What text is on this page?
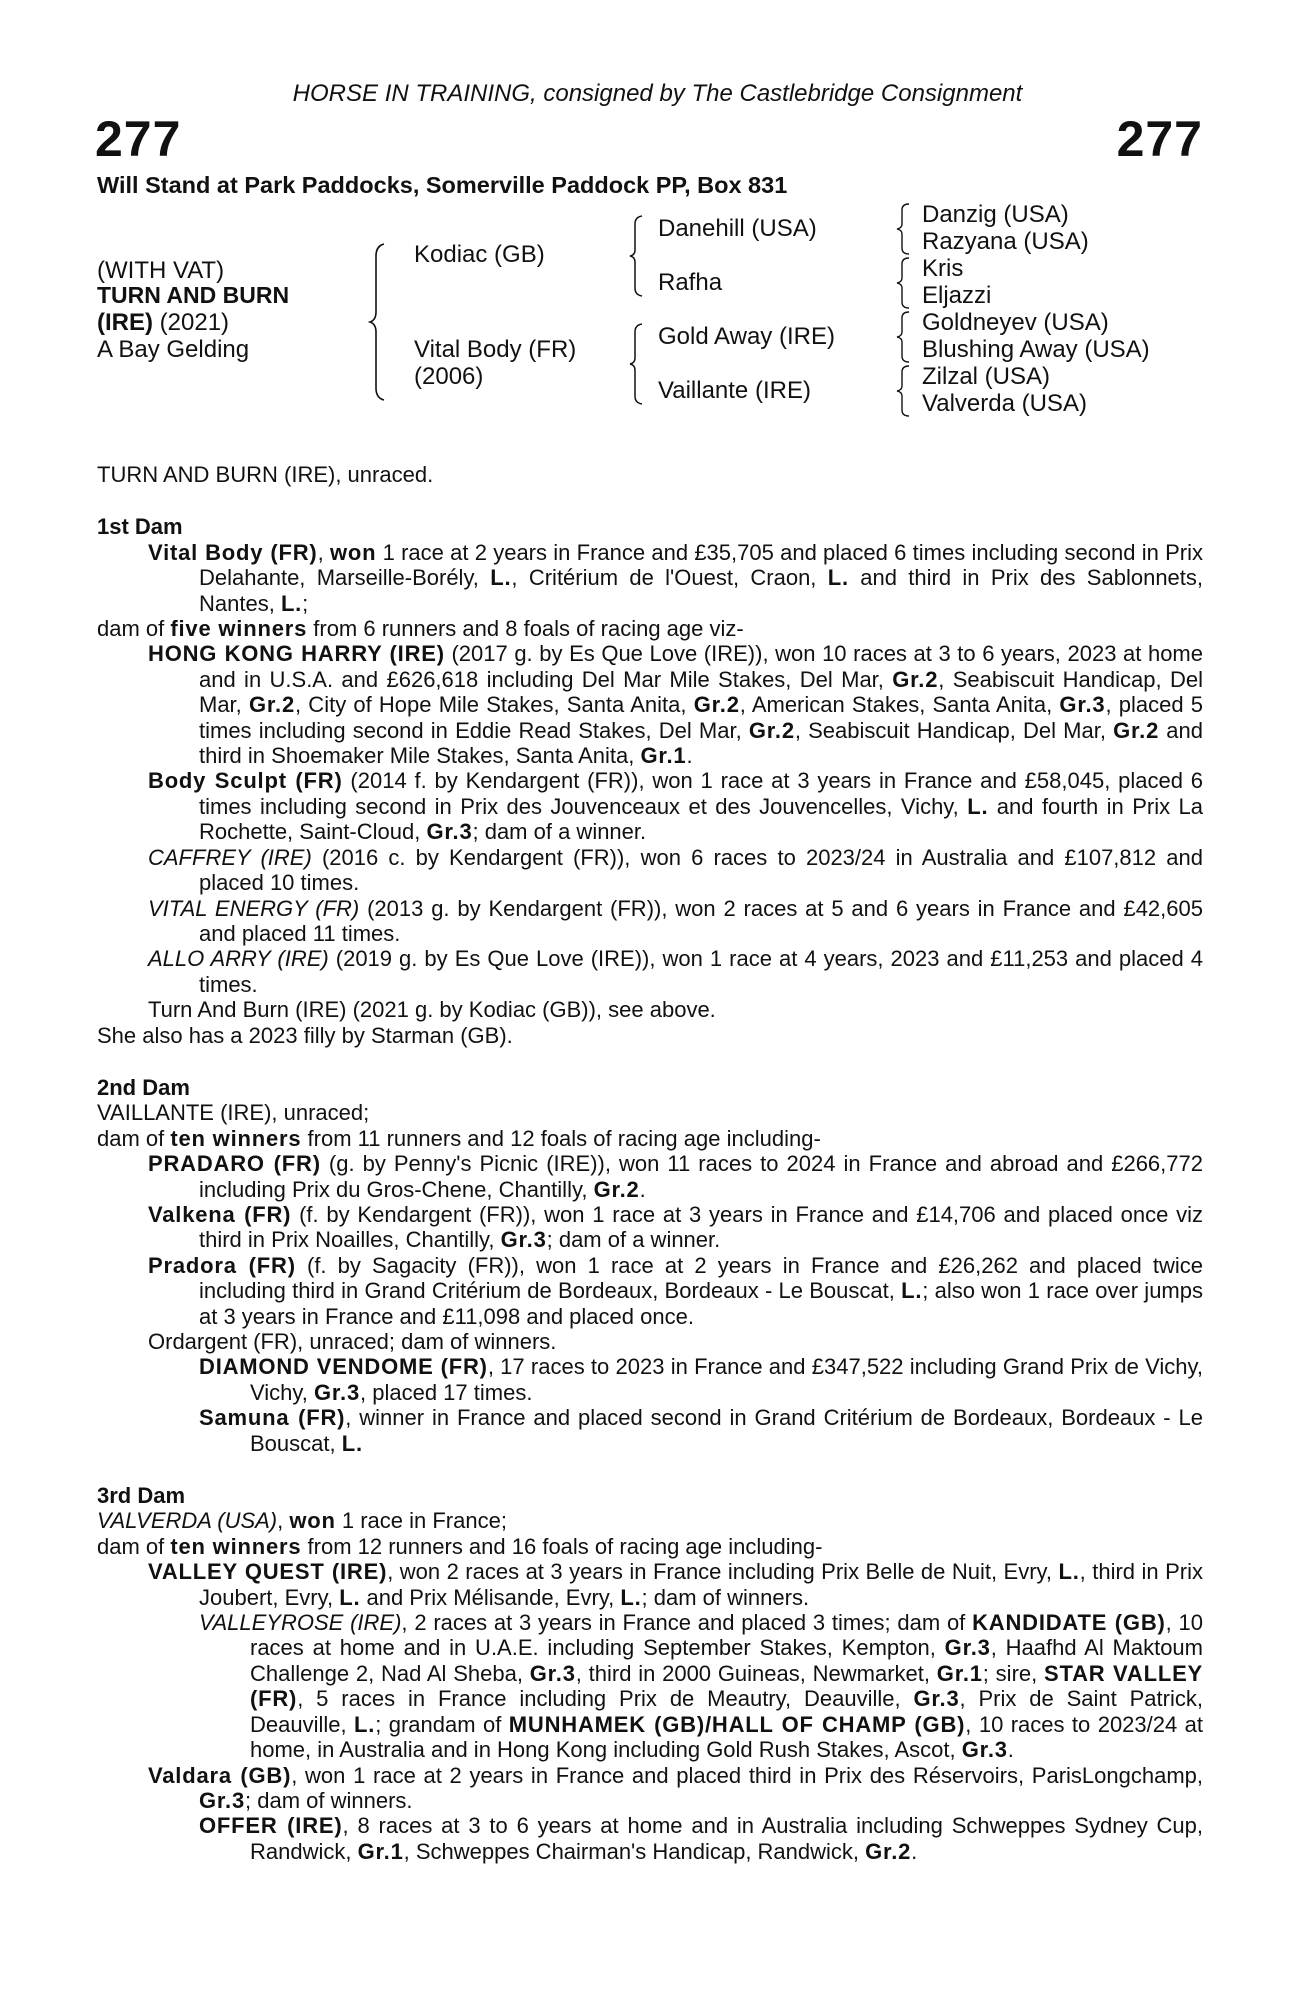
HORSE IN TRAINING, consigned by The Castlebridge Consignment
277	277
Will Stand at Park Paddocks, Somerville Paddock PP, Box 831
(WITH VAT)
TURN AND BURN
(IRE) (2021)
A Bay Gelding
Kodiac (GB)
Vital Body (FR)
(2006)
Danehill (USA)
Rafha
Gold Away (IRE)
Vaillante (IRE)
Danzig (USA)
Razyana (USA)
Kris
Eljazzi
Goldneyev (USA)
Blushing Away (USA)
Zilzal (USA)
Valverda (USA)

TURN AND BURN (IRE), unraced.

1st Dam

Vital Body (FR), won 1 race at 2 years in France and £35,705 and placed 6 times including second in Prix Delahante, Marseille-Borély, L., Critérium de l'Ouest, Craon, L. and third in Prix des Sablonnets, Nantes, L.;

dam of five winners from 6 runners and 8 foals of racing age viz-

HONG KONG HARRY (IRE) (2017 g. by Es Que Love (IRE)), won 10 races at 3 to 6 years, 2023 at home and in U.S.A. and £626,618 including Del Mar Mile Stakes, Del Mar, Gr.2, Seabiscuit Handicap, Del Mar, Gr.2, City of Hope Mile Stakes, Santa Anita, Gr.2, American Stakes, Santa Anita, Gr.3, placed 5 times including second in Eddie Read Stakes, Del Mar, Gr.2, Seabiscuit Handicap, Del Mar, Gr.2 and third in Shoemaker Mile Stakes, Santa Anita, Gr.1.

Body Sculpt (FR) (2014 f. by Kendargent (FR)), won 1 race at 3 years in France and £58,045, placed 6 times including second in Prix des Jouvenceaux et des Jouvencelles, Vichy, L. and fourth in Prix La Rochette, Saint-Cloud, Gr.3; dam of a winner.

CAFFREY (IRE) (2016 c. by Kendargent (FR)), won 6 races to 2023/24 in Australia and £107,812 and placed 10 times.

VITAL ENERGY (FR) (2013 g. by Kendargent (FR)), won 2 races at 5 and 6 years in France and £42,605 and placed 11 times.

ALLO ARRY (IRE) (2019 g. by Es Que Love (IRE)), won 1 race at 4 years, 2023 and £11,253 and placed 4 times.

Turn And Burn (IRE) (2021 g. by Kodiac (GB)), see above.

She also has a 2023 filly by Starman (GB).

2nd Dam

VAILLANTE (IRE), unraced;

dam of ten winners from 11 runners and 12 foals of racing age including-

PRADARO (FR) (g. by Penny's Picnic (IRE)), won 11 races to 2024 in France and abroad and £266,772 including Prix du Gros-Chene, Chantilly, Gr.2.

Valkena (FR) (f. by Kendargent (FR)), won 1 race at 3 years in France and £14,706 and placed once viz third in Prix Noailles, Chantilly, Gr.3; dam of a winner.

Pradora (FR) (f. by Sagacity (FR)), won 1 race at 2 years in France and £26,262 and placed twice including third in Grand Critérium de Bordeaux, Bordeaux - Le Bouscat, L.; also won 1 race over jumps at 3 years in France and £11,098 and placed once.

Ordargent (FR), unraced; dam of winners.

DIAMOND VENDOME (FR), 17 races to 2023 in France and £347,522 including Grand Prix de Vichy, Vichy, Gr.3, placed 17 times.

Samuna (FR), winner in France and placed second in Grand Critérium de Bordeaux, Bordeaux - Le Bouscat, L.

3rd Dam

VALVERDA (USA), won 1 race in France;

dam of ten winners from 12 runners and 16 foals of racing age including-

VALLEY QUEST (IRE), won 2 races at 3 years in France including Prix Belle de Nuit, Evry, L., third in Prix Joubert, Evry, L. and Prix Mélisande, Evry, L.; dam of winners.

VALLEYROSE (IRE), 2 races at 3 years in France and placed 3 times; dam of KANDIDATE (GB), 10 races at home and in U.A.E. including September Stakes, Kempton, Gr.3, Haafhd Al Maktoum Challenge 2, Nad Al Sheba, Gr.3, third in 2000 Guineas, Newmarket, Gr.1; sire, STAR VALLEY (FR), 5 races in France including Prix de Meautry, Deauville, Gr.3, Prix de Saint Patrick, Deauville, L.; grandam of MUNHAMEK (GB)/HALL OF CHAMP (GB), 10 races to 2023/24 at home, in Australia and in Hong Kong including Gold Rush Stakes, Ascot, Gr.3.

Valdara (GB), won 1 race at 2 years in France and placed third in Prix des Réservoirs, ParisLongchamp, Gr.3; dam of winners.

OFFER (IRE), 8 races at 3 to 6 years at home and in Australia including Schweppes Sydney Cup, Randwick, Gr.1, Schweppes Chairman's Handicap, Randwick, Gr.2.
